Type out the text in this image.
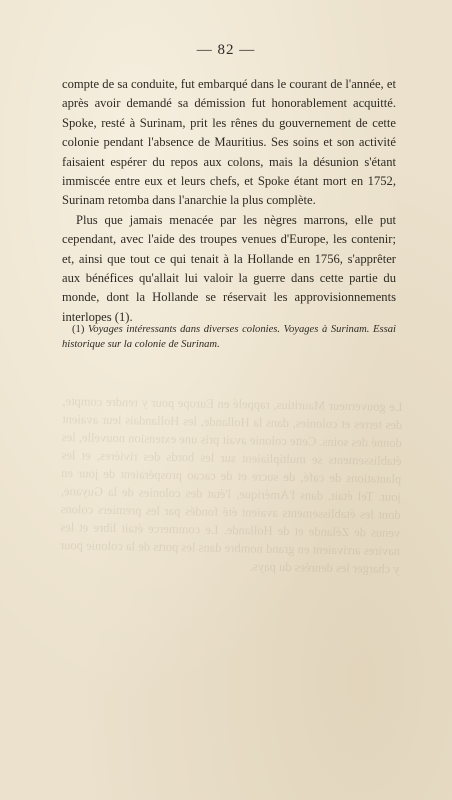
Le gouverneur Mauritius, rappelé en Europe pour y rendre compte, des terres et colonies, dans la Hollande, les Hollandais leur avaient donné des soins. Cette colonie avait pris une extension nouvelle, les établissements se multipliaient sur les bords des rivières, et les plantations de café, de sucre et de cacao prospéraient de jour en jour. Tel était, dans l'Amérique, l'état des colonies de la Guyane, dont les établissements avaient été fondés par les premiers colons venus de Zélande et de Hollande. Le commerce était libre et les navires arrivaient en grand nombre dans les ports de la colonie pour y charger les denrées du pays.
— 82 —

compte de sa conduite, fut embarqué dans le courant de l'année, et après avoir demandé sa démission fut honorablement acquitté. Spoke, resté à Surinam, prit les rênes du gouvernement de cette colonie pendant l'absence de Mauritius. Ses soins et son activité faisaient espérer du repos aux colons, mais la désunion s'étant immiscée entre eux et leurs chefs, et Spoke étant mort en 1752, Surinam retomba dans l'anarchie la plus complète.

Plus que jamais menacée par les nègres marrons, elle put cependant, avec l'aide des troupes venues d'Europe, les contenir; et, ainsi que tout ce qui tenait à la Hollande en 1756, s'apprêter aux bénéfices qu'allait lui valoir la guerre dans cette partie du monde, dont la Hollande se réservait les approvisionnements interlopes (1).

(1) Voyages intéressants dans diverses colonies. Voyages à Surinam. Essai historique sur la colonie de Surinam.
